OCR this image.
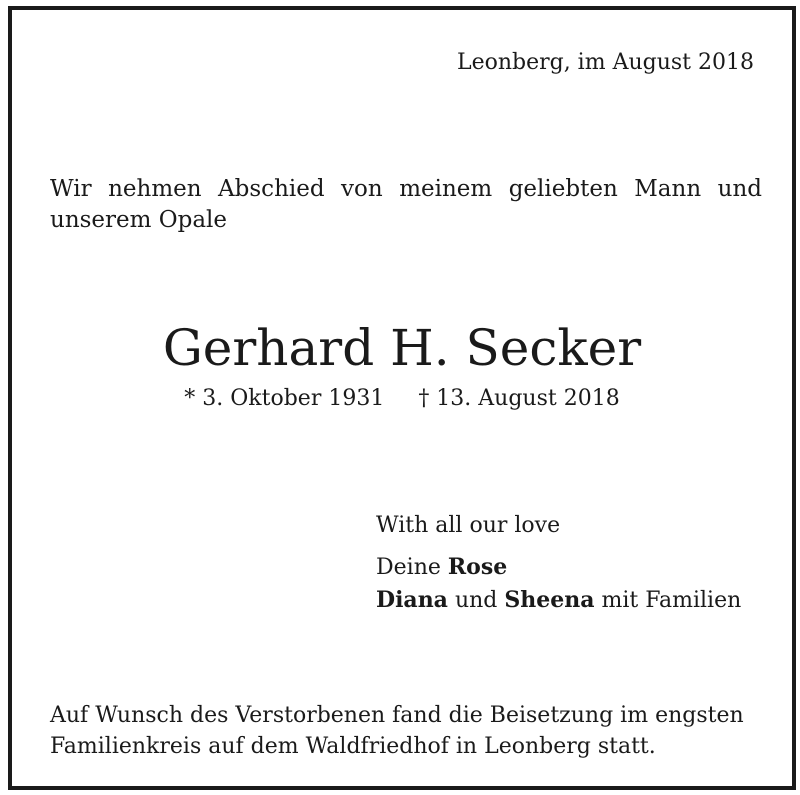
Leonberg, im August 2018
Wir nehmen Abschied von meinem geliebten Mann und unserem Opale
Gerhard H. Secker
* 3. Oktober 1931 † 13. August 2018
With all our love
Deine Rose
Diana und Sheena mit Familien
Auf Wunsch des Verstorbenen fand die Beisetzung im engsten Familienkreis auf dem Waldfriedhof in Leonberg statt.
